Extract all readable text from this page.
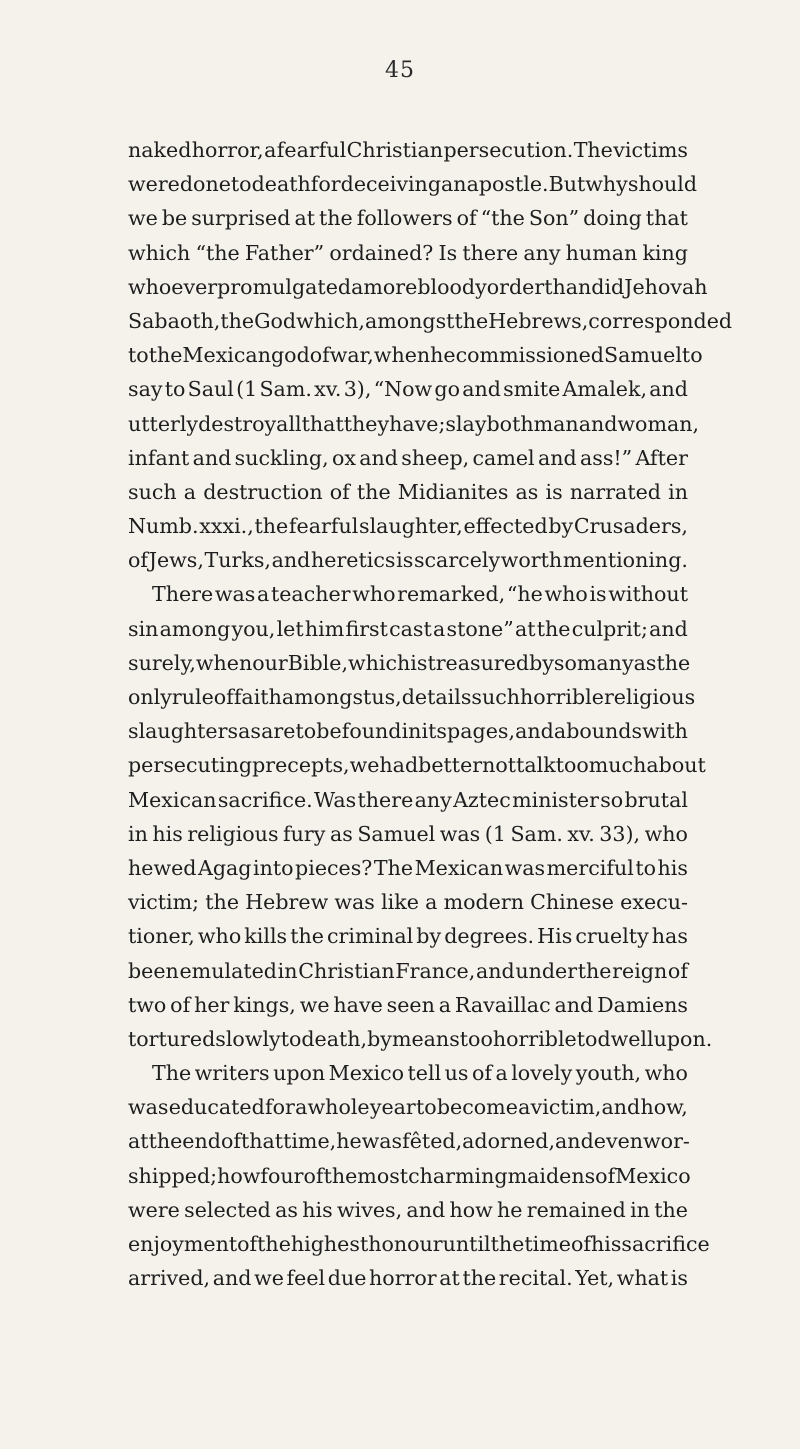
45
naked horror, a fearful Christian persecution. The victims
were done to death for deceiving an apostle. But why should
we be surprised at the followers of “the Son” doing that
which “the Father” ordained? Is there any human king
who ever promulgated a more bloody order than did Jehovah
Sabaoth, the God which, amongst the Hebrews, corresponded
to the Mexican god of war, when he commissioned Samuel to
say to Saul (1 Sam. xv. 3), “Now go and smite Amalek, and
utterly destroy all that they have; slay both man and woman,
infant and suckling, ox and sheep, camel and ass!” After
such a destruction of the Midianites as is narrated in
Numb. xxxi., the fearful slaughter, effected by Crusaders,
of Jews, Turks, and heretics is scarcely worth mentioning.
There was a teacher who remarked, “he who is without
sin among you, let him first cast a stone” at the culprit; and
surely, when our Bible, which is treasured by so many as the
only rule of faith amongst us, details such horrible religious
slaughters as are to be found in its pages, and abounds with
persecuting precepts, we had better not talk too much about
Mexican sacrifice. Was there any Aztec minister so brutal
in his religious fury as Samuel was (1 Sam. xv. 33), who
hewed Agag into pieces? The Mexican was merciful to his
victim; the Hebrew was like a modern Chinese execu-
tioner, who kills the criminal by degrees. His cruelty has
been emulated in Christian France, and under the reign of
two of her kings, we have seen a Ravaillac and Damiens
tortured slowly to death, by means too horrible to dwell upon.
The writers upon Mexico tell us of a lovely youth, who
was educated for a whole year to become a victim, and how,
at the end of that time, he was fêted, adorned, and even wor-
shipped; how four of the most charming maidens of Mexico
were selected as his wives, and how he remained in the
enjoyment of the highest honour until the time of his sacrifice
arrived, and we feel due horror at the recital. Yet, what is
